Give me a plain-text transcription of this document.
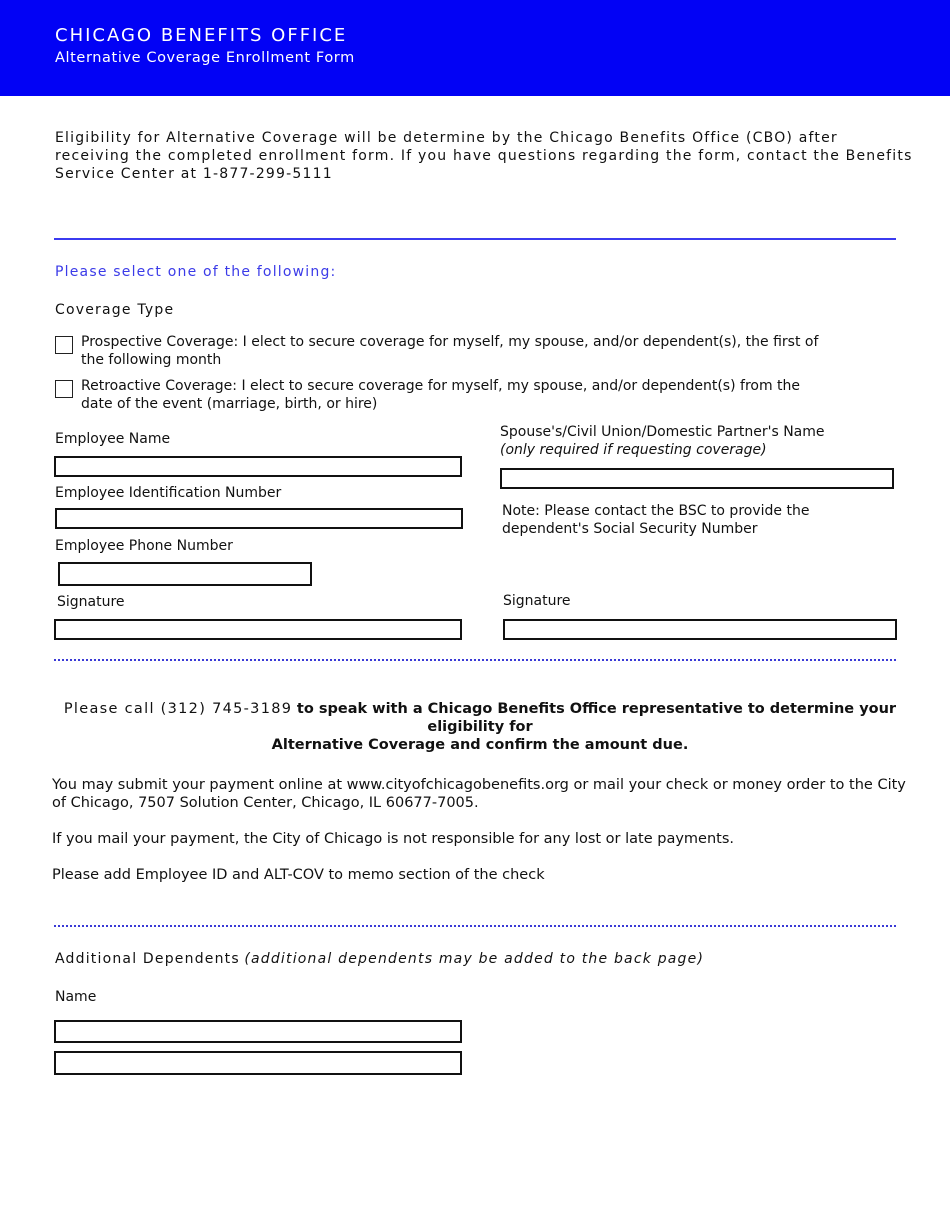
CHICAGO BENEFITS OFFICE
Alternative Coverage Enrollment Form
Eligibility for Alternative Coverage will be determine by the Chicago Benefits Office (CBO) after receiving the completed enrollment form. If you have questions regarding the form, contact the Benefits Service Center at 1-877-299-5111
Please select one of the following:
Coverage Type
Prospective Coverage: I elect to secure coverage for myself, my spouse, and/or dependent(s), the first of the following month
Retroactive Coverage: I elect to secure coverage for myself, my spouse, and/or dependent(s) from the date of the event (marriage, birth, or hire)
Employee Name
Employee Identification Number
Employee Phone Number
Signature
Spouse's/Civil Union/Domestic Partner's Name
(only required if requesting coverage)
Note: Please contact the BSC to provide the dependent's Social Security Number
Signature
Please call (312) 745-3189 to speak with a Chicago Benefits Office representative to determine your eligibility for
Alternative Coverage and confirm the amount due.
You may submit your payment online at www.cityofchicagobenefits.org or mail your check or money order to the City of Chicago, 7507 Solution Center, Chicago, IL 60677-7005.
If you mail your payment, the City of Chicago is not responsible for any lost or late payments.
Please add Employee ID and ALT-COV to memo section of the check
Additional Dependents (additional dependents may be added to the back page)
Name
